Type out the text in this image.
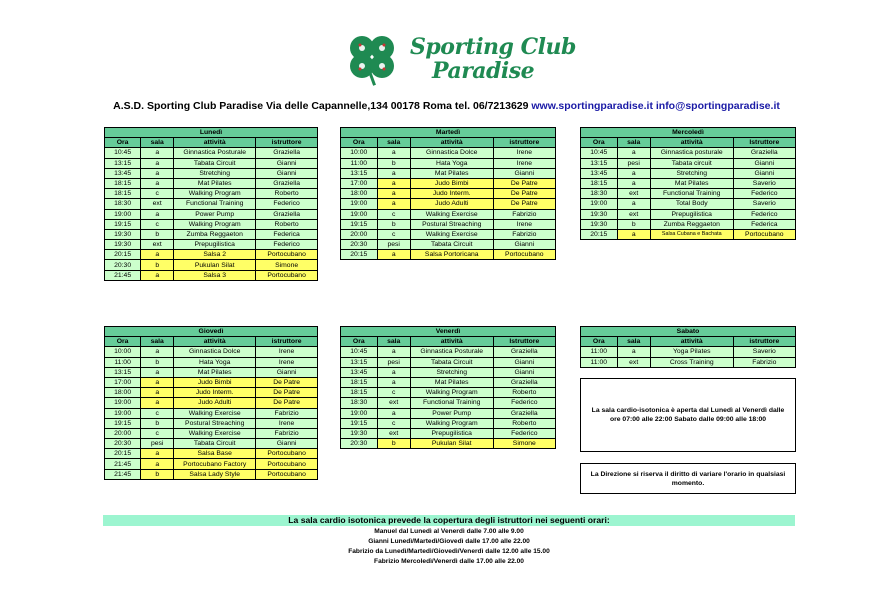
Sporting Club
Paradise
A.S.D. Sporting Club Paradise Via delle Capannelle,134 00178 Roma tel. 06/7213629 www.sportingparadise.it info@sportingparadise.it
Lunedì			
Ora	sala	attività	istruttore
10:45	a	Ginnastica Posturale	Graziella
13:15	a	Tabata Circuit	Gianni
13:45	a	Stretching	Gianni
18:15	a	Mat Pilates	Graziella
18:15	c	Walking Program	Roberto
18:30	ext	Functional Training	Federico
19:00	a	Power Pump	Graziella
19:15	c	Walking Program	Roberto
19:30	b	Zumba Reggaeton	Federica
19:30	ext	Prepugilistica	Federico
20:15	a	Salsa 2	Portocubano
20:30	b	Pukulan Silat	Simone
21:45	a	Salsa 3	Portocubano
Martedì			
Ora	sala	attività	istruttore
10:00	a	Ginnastica Dolce	Irene
11:00	b	Hata Yoga	Irene
13:15	a	Mat Pilates	Gianni
17:00	a	Judo Bimbi	De Patre
18:00	a	Judo Interm.	De Patre
19:00	a	Judo Adulti	De Patre
19:00	c	Walking Exercise	Fabrizio
19:15	b	Postural Streaching	Irene
20:00	c	Walking Exercise	Fabrizio
20:30	pesi	Tabata Circuit	Gianni
20:15	a	Salsa Portoricana	Portocubano
Mercoledì			
Ora	sala	attività	Istruttore
10:45	a	Ginnastica posturale	Graziella
13:15	pesi	Tabata circuit	Gianni
13:45	a	Stretching	Gianni
18:15	a	Mat Pilates	Saverio
18:30	ext	Functional Training	Federico
19:00	a	Total Body	Saverio
19:30	ext	Prepugilistica	Federico
19:30	b	Zumba Reggaeton	Federica
20:15	a	Salsa Cubana e Bachata	Portocubano
Giovedì			
Ora	sala	attività	istruttore
10:00	a	Ginnastica Dolce	Irene
11:00	b	Hata Yoga	Irene
13:15	a	Mat Pilates	Gianni
17:00	a	Judo Bimbi	De Patre
18:00	a	Judo Interm.	De Patre
19:00	a	Judo Adulti	De Patre
19:00	c	Walking Exercise	Fabrizio
19:15	b	Postural Streaching	Irene
20:00	c	Walking Exercise	Fabrizio
20:30	pesi	Tabata Circuit	Gianni
20:15	a	Salsa Base	Portocubano
21:45	a	Portocubano Factory	Portocubano
21:45	b	Salsa Lady Style	Portocubano
Venerdì			
Ora	sala	attività	Istruttore
10:45	a	Ginnastica Posturale	Graziella
13:15	pesi	Tabata Circuit	Gianni
13:45	a	Stretching	Gianni
18:15	a	Mat Pilates	Graziella
18:15	c	Walking Program	Roberto
18:30	ext	Functional Training	Federico
19:00	a	Power Pump	Graziella
19:15	c	Walking Program	Roberto
19:30	ext	Prepugilistica	Federico
20:30	b	Pukulan Silat	Simone
Sabato			
Ora	sala	attività	istruttore
11:00	a	Yoga Pilates	Saverio
11:00	ext	Cross Training	Fabrizio
La sala cardio-isotonica è aperta dal Lunedì al Venerdì dalle ore 07:00 alle 22:00 Sabato dalle 09:00 alle 18:00
La Direzione si riserva il diritto di variare l'orario in qualsiasi momento.
La sala cardio isotonica prevede la copertura degli istruttori nei seguenti orari:
Manuel dal Lunedì al Venerdì dalle 7.00 alle 9.00
Gianni Lunedì/Martedì/Giovedì dalle 17.00 alle 22.00
Fabrizio da Lunedì/Martedì/Giovedì/Venerdì dalle 12.00 alle 15.00
Fabrizio Mercoledì/Venerdì dalle 17.00 alle 22.00
